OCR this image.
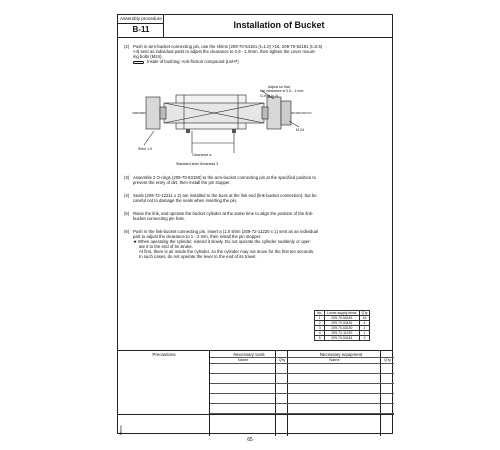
Assembly procedure
B-11	Installation of Bucket
(2) Push in arm-bucket connecting pin, use the shims (209-70-54181 (t=1.0) ×16, 209-70-54181 (t=0.5)
×4) sent as individual parts to adjust the clearance to 0.5 - 1.0mm, then tighten the cover mount-
ing bolts (M24).
Inside of bushing: Anti-friction compound (LM-P)
Adjust so that
the clearance is 0.5 - 1 mm.
O-ring (x 2)
M 24
Clearance a
Shim 1.0
Standard shim thickness 3
(3) Assemble 2 O-rings (209-70-53150) to the arm-bucket connecting pin at the specified position to
prevent the entry of dirt, then install the pin stopper.
(4) Seals (209-72-12211 x 2) are installed to the boss at the link end (link-bucket connection), but be
careful not to damage the seals when inserting the pin.
(5) Raise the link, and operate the bucket cylinder at the same time to align the position of the link-
bucket connecting pin hole.
(6) Push in the link-bucket connecting pin, insert a (1.0 shim (209-72-11220 x 1) sent as an individual
part to adjust the clearance to 1 - 2 mm, then install the pin stopper.
★ When operating the cylinder, extend it slowly. Do not operate the cylinder suddenly or oper-
ate it to the end of its stroke.
At first, there is air inside the cylinder, so the cylinder may not move for the first ten seconds.
In such cases, do not operate the lever to the end of its travel.
No.	Loose-supply items	Q'ty
1	209-70-54181	16
2	209-70-54181	4
3	209-70-53150	2
4	209-72-11220	1
5	209-70-54181	2
Precautions
Others
Necessary tools	Necessary equipment
Name	Q'ty	Name	Q'ty
65
